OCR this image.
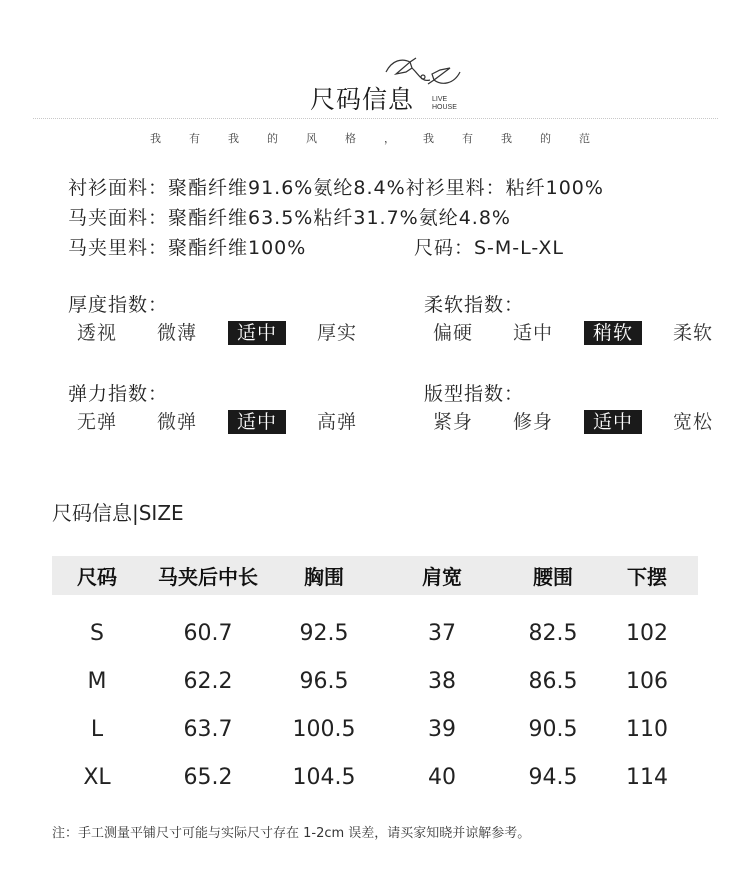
尺码信息	LIVE
HOUSE
我	有	我	的	风	格	，	我	有	我	的	范
衬衫面料：聚酯纤维91.6%氨纶8.4%衬衫里料：粘纤100%
马夹面料：聚酯纤维63.5%粘纤31.7%氨纶4.8%
马夹里料：聚酯纤维100%	尺码：S-M-L-XL
厚度指数：
透视	微薄	适中	厚实
柔软指数：
偏硬	适中	稍软	柔软
弹力指数：
无弹	微弹	适中	高弹
版型指数：
紧身	修身	适中	宽松
尺码信息|SIZE
尺码	马夹后中长	胸围	肩宽	腰围	下摆
S	60.7	92.5	37	82.5	102
M	62.2	96.5	38	86.5	106
L	63.7	100.5	39	90.5	110
XL	65.2	104.5	40	94.5	114
注：手工测量平铺尺寸可能与实际尺寸存在 1-2cm 误差，请买家知晓并谅解参考。
